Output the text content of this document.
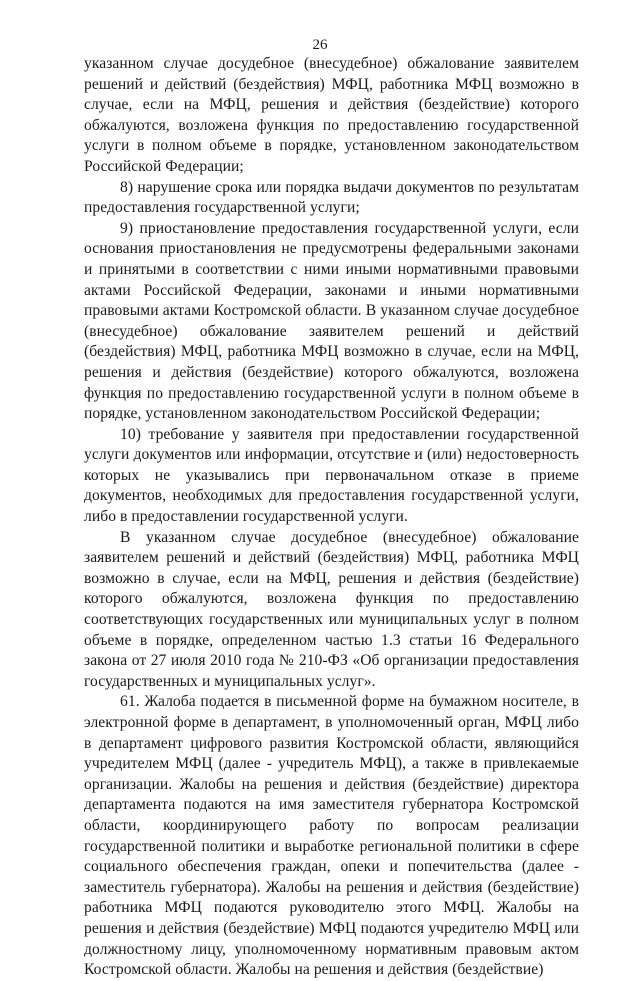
26

указанном случае досудебное (внесудебное) обжалование заявителем решений и действий (бездействия) МФЦ, работника МФЦ возможно в случае, если на МФЦ, решения и действия (бездействие) которого обжалуются, возложена функция по предоставлению государственной услуги в полном объеме в порядке, установленном законодательством Российской Федерации;

8) нарушение срока или порядка выдачи документов по результатам предоставления государственной услуги;

9) приостановление предоставления государственной услуги, если основания приостановления не предусмотрены федеральными законами и принятыми в соответствии с ними иными нормативными правовыми актами Российской Федерации, законами и иными нормативными правовыми актами Костромской области. В указанном случае досудебное (внесудебное) обжалование заявителем решений и действий (бездействия) МФЦ, работника МФЦ возможно в случае, если на МФЦ, решения и действия (бездействие) которого обжалуются, возложена функция по предоставлению государственной услуги в полном объеме в порядке, установленном законодательством Российской Федерации;

10) требование у заявителя при предоставлении государственной услуги документов или информации, отсутствие и (или) недостоверность которых не указывались при первоначальном отказе в приеме документов, необходимых для предоставления государственной услуги, либо в предоставлении государственной услуги.

В указанном случае досудебное (внесудебное) обжалование заявителем решений и действий (бездействия) МФЦ, работника МФЦ возможно в случае, если на МФЦ, решения и действия (бездействие) которого обжалуются, возложена функция по предоставлению соответствующих государственных или муниципальных услуг в полном объеме в порядке, определенном частью 1.3 статьи 16 Федерального закона от 27 июля 2010 года № 210-ФЗ «Об организации предоставления государственных и муниципальных услуг».

61. Жалоба подается в письменной форме на бумажном носителе, в электронной форме в департамент, в уполномоченный орган, МФЦ либо в департамент цифрового развития Костромской области, являющийся учредителем МФЦ (далее - учредитель МФЦ), а также в привлекаемые организации. Жалобы на решения и действия (бездействие) директора департамента подаются на имя заместителя губернатора Костромской области, координирующего работу по вопросам реализации государственной политики и выработке региональной политики в сфере социального обеспечения граждан, опеки и попечительства (далее - заместитель губернатора). Жалобы на решения и действия (бездействие) работника МФЦ подаются руководителю этого МФЦ. Жалобы на решения и действия (бездействие) МФЦ подаются учредителю МФЦ или должностному лицу, уполномоченному нормативным правовым актом Костромской области. Жалобы на решения и действия (бездействие)
